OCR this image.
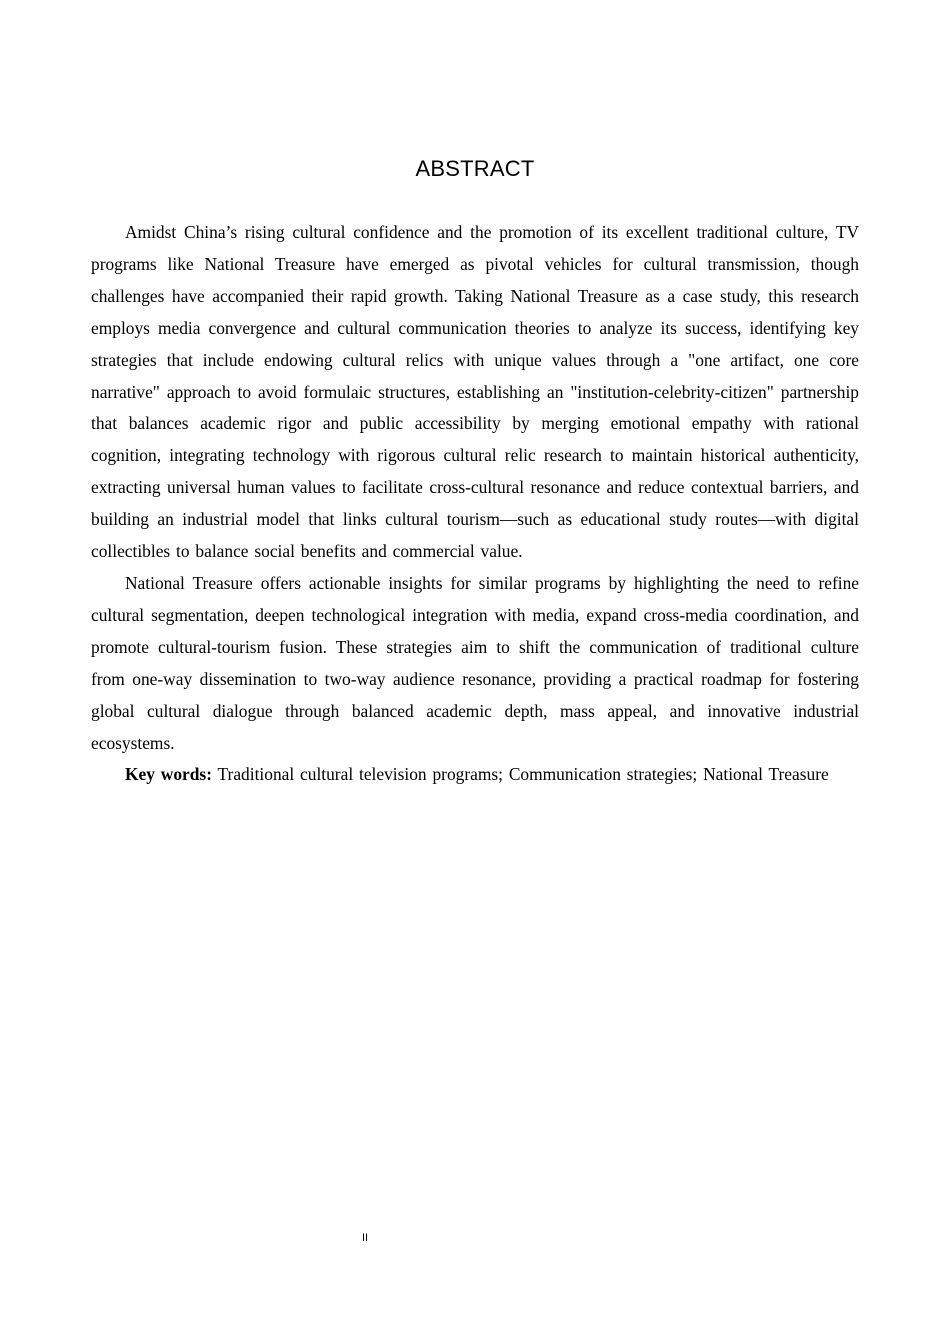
ABSTRACT

Amidst China’s rising cultural confidence and the promotion of its excellent traditional culture, TV programs like National Treasure have emerged as pivotal vehicles for cultural transmission, though challenges have accompanied their rapid growth. Taking National Treasure as a case study, this research employs media convergence and cultural communication theories to analyze its success, identifying key strategies that include endowing cultural relics with unique values through a "one artifact, one core narrative" approach to avoid formulaic structures, establishing an "institution-celebrity-citizen" partnership that balances academic rigor and public accessibility by merging emotional empathy with rational cognition, integrating technology with rigorous cultural relic research to maintain historical authenticity, extracting universal human values to facilitate cross-cultural resonance and reduce contextual barriers, and building an industrial model that links cultural tourism—such as educational study routes—with digital collectibles to balance social benefits and commercial value.

National Treasure offers actionable insights for similar programs by highlighting the need to refine cultural segmentation, deepen technological integration with media, expand cross-media coordination, and promote cultural-tourism fusion. These strategies aim to shift the communication of traditional culture from one-way dissemination to two-way audience resonance, providing a practical roadmap for fostering global cultural dialogue through balanced academic depth, mass appeal, and innovative industrial ecosystems.

Key words: Traditional cultural television programs; Communication strategies; National Treasure

II
